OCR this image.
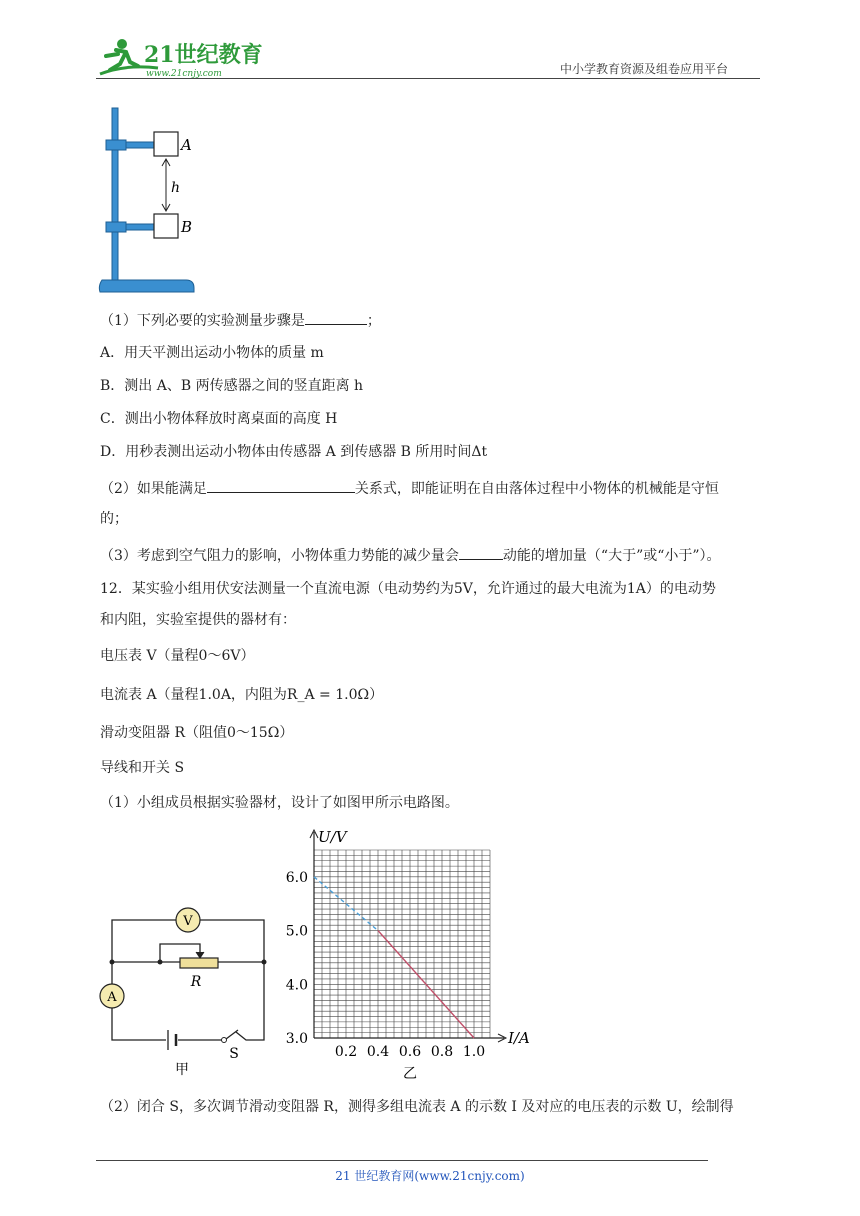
21世纪教育
www.21cnjy.com	中小学教育资源及组卷应用平台
A
B
h
（1）下列必要的实验测量步骤是	；
A．用天平测出运动小物体的质量 m
B．测出 A、B 两传感器之间的竖直距离 h
C．测出小物体释放时离桌面的高度 H
D．用秒表测出运动小物体由传感器 A 到传感器 B 所用时间Δt
（2）如果能满足	关系式，即能证明在自由落体过程中小物体的机械能是守恒
的；
（3）考虑到空气阻力的影响，小物体重力势能的减少量会	动能的增加量（“大于”或“小于”）。
12．某实验小组用伏安法测量一个直流电源（电动势约为5V，允许通过的最大电流为1A）的电动势
和内阻，实验室提供的器材有：
电压表 V（量程0～6V）
电流表 A（量程1.0A，内阻为R_A = 1.0Ω）
滑动变阻器 R（阻值0～15Ω）
导线和开关 S
（1）小组成员根据实验器材，设计了如图甲所示电路图。
V
A
R
S
甲
0.2 0.4 0.6 0.8 1.0
3.0
4.0
5.0
6.0
U/V
I/A
乙
（2）闭合 S，多次调节滑动变阻器 R，测得多组电流表 A 的示数 I 及对应的电压表的示数 U，绘制得
21 世纪教育网(www.21cnjy.com)
